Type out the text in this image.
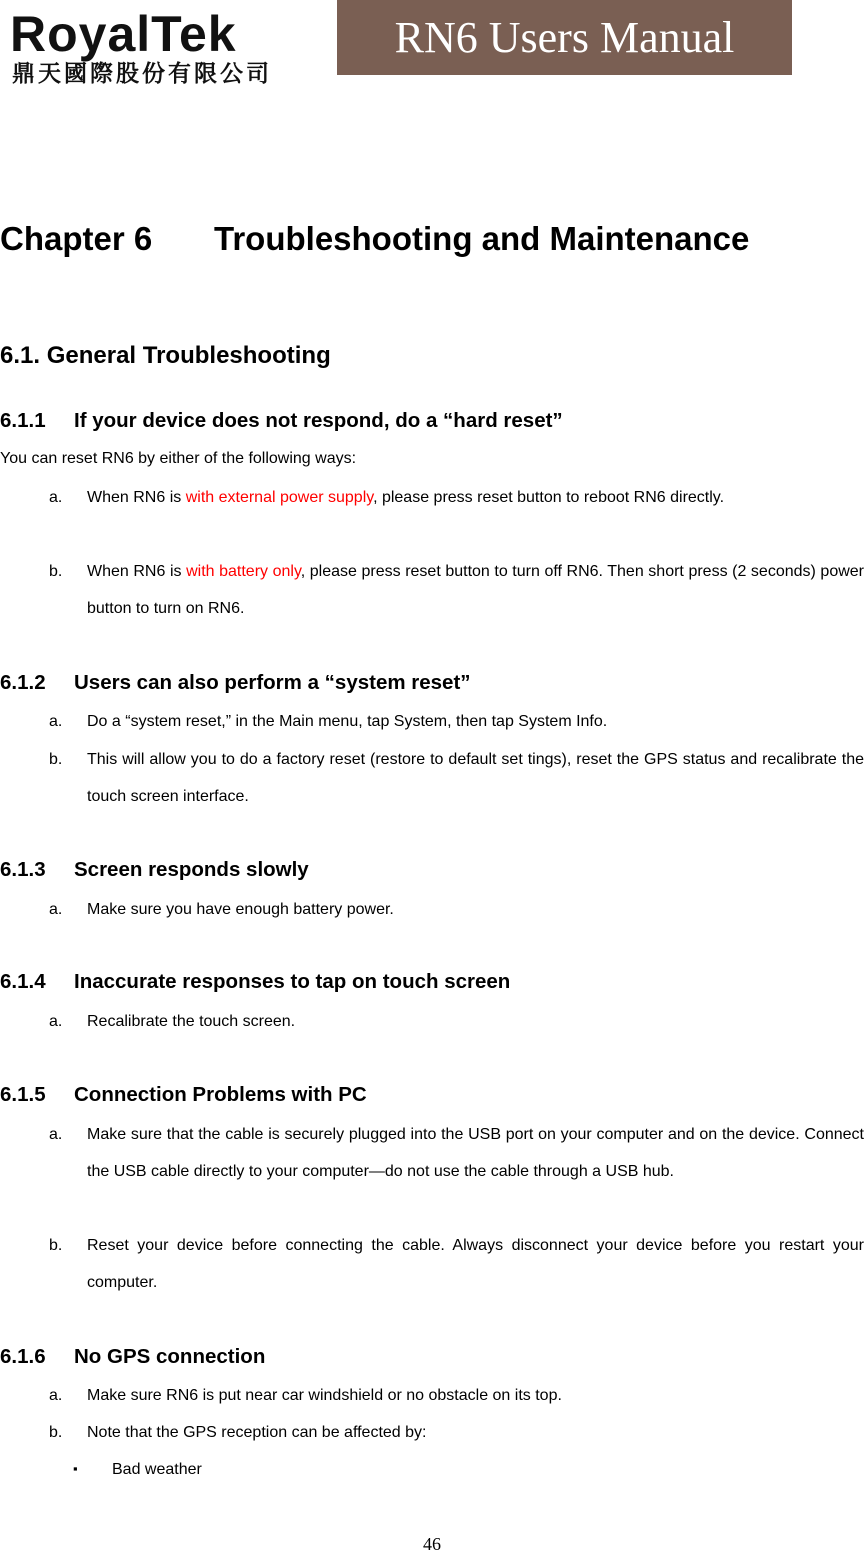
RoyalTek
鼎天國際股份有限公司
RN6 Users Manual
Chapter 6 Troubleshooting and Maintenance
6.1. General Troubleshooting
6.1.1 If your device does not respond, do a “hard reset”
You can reset RN6 by either of the following ways:
a. When RN6 is with external power supply, please press reset button to reboot RN6 directly.
b. When RN6 is with battery only, please press reset button to turn off RN6. Then short press (2 seconds) power button to turn on RN6.
6.1.2 Users can also perform a “system reset”
a. Do a “system reset,” in the Main menu, tap System, then tap System Info.
b. This will allow you to do a factory reset (restore to default set tings), reset the GPS status and recalibrate the touch screen interface.
6.1.3 Screen responds slowly
a. Make sure you have enough battery power.
6.1.4 Inaccurate responses to tap on touch screen
a. Recalibrate the touch screen.
6.1.5 Connection Problems with PC
a. Make sure that the cable is securely plugged into the USB port on your computer and on the device. Connect the USB cable directly to your computer—do not use the cable through a USB hub.
b. Reset your device before connecting the cable. Always disconnect your device before you restart your computer.
6.1.6 No GPS connection
a. Make sure RN6 is put near car windshield or no obstacle on its top.
b. Note that the GPS reception can be affected by:
▪ Bad weather
46
